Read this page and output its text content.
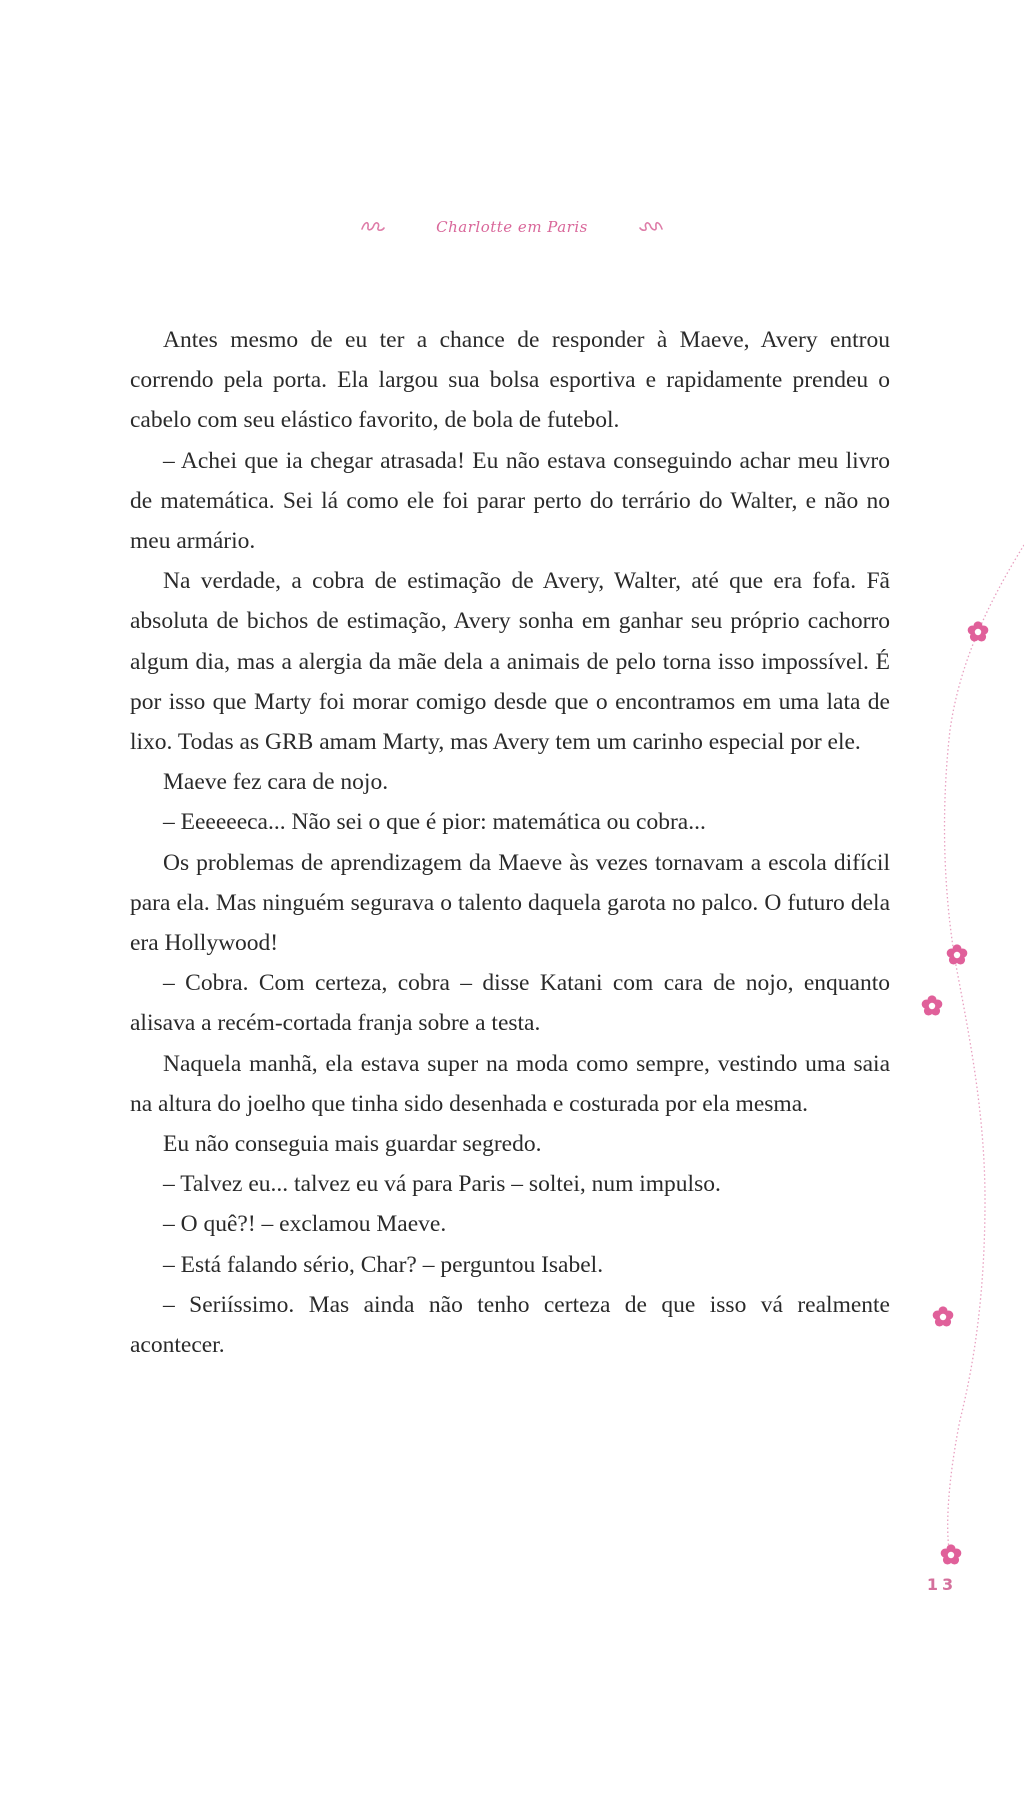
Charlotte em Paris

Antes mesmo de eu ter a chance de responder à Maeve, Avery entrou correndo pela porta. Ela largou sua bolsa esportiva e rapidamente prendeu o cabelo com seu elástico favorito, de bola de futebol.

– Achei que ia chegar atrasada! Eu não estava conseguindo achar meu livro de matemática. Sei lá como ele foi parar perto do terrário do Walter, e não no meu armário.

Na verdade, a cobra de estimação de Avery, Walter, até que era fofa. Fã absoluta de bichos de estimação, Avery sonha em ganhar seu próprio cachorro algum dia, mas a alergia da mãe dela a animais de pelo torna isso impossível. É por isso que Marty foi morar comigo desde que o encontramos em uma lata de lixo. Todas as GRB amam Marty, mas Avery tem um carinho especial por ele.

Maeve fez cara de nojo.

– Eeeeeeca... Não sei o que é pior: matemática ou cobra...

Os problemas de aprendizagem da Maeve às vezes tornavam a escola difícil para ela. Mas ninguém segurava o talento daquela garota no palco. O futuro dela era Hollywood!

– Cobra. Com certeza, cobra – disse Katani com cara de nojo, enquanto alisava a recém-cortada franja sobre a testa.

Naquela manhã, ela estava super na moda como sempre, vestindo uma saia na altura do joelho que tinha sido desenhada e costurada por ela mesma.

Eu não conseguia mais guardar segredo.

– Talvez eu... talvez eu vá para Paris – soltei, num impulso.

– O quê?! – exclamou Maeve.

– Está falando sério, Char? – perguntou Isabel.

– Seriíssimo. Mas ainda não tenho certeza de que isso vá realmente acontecer.

13
